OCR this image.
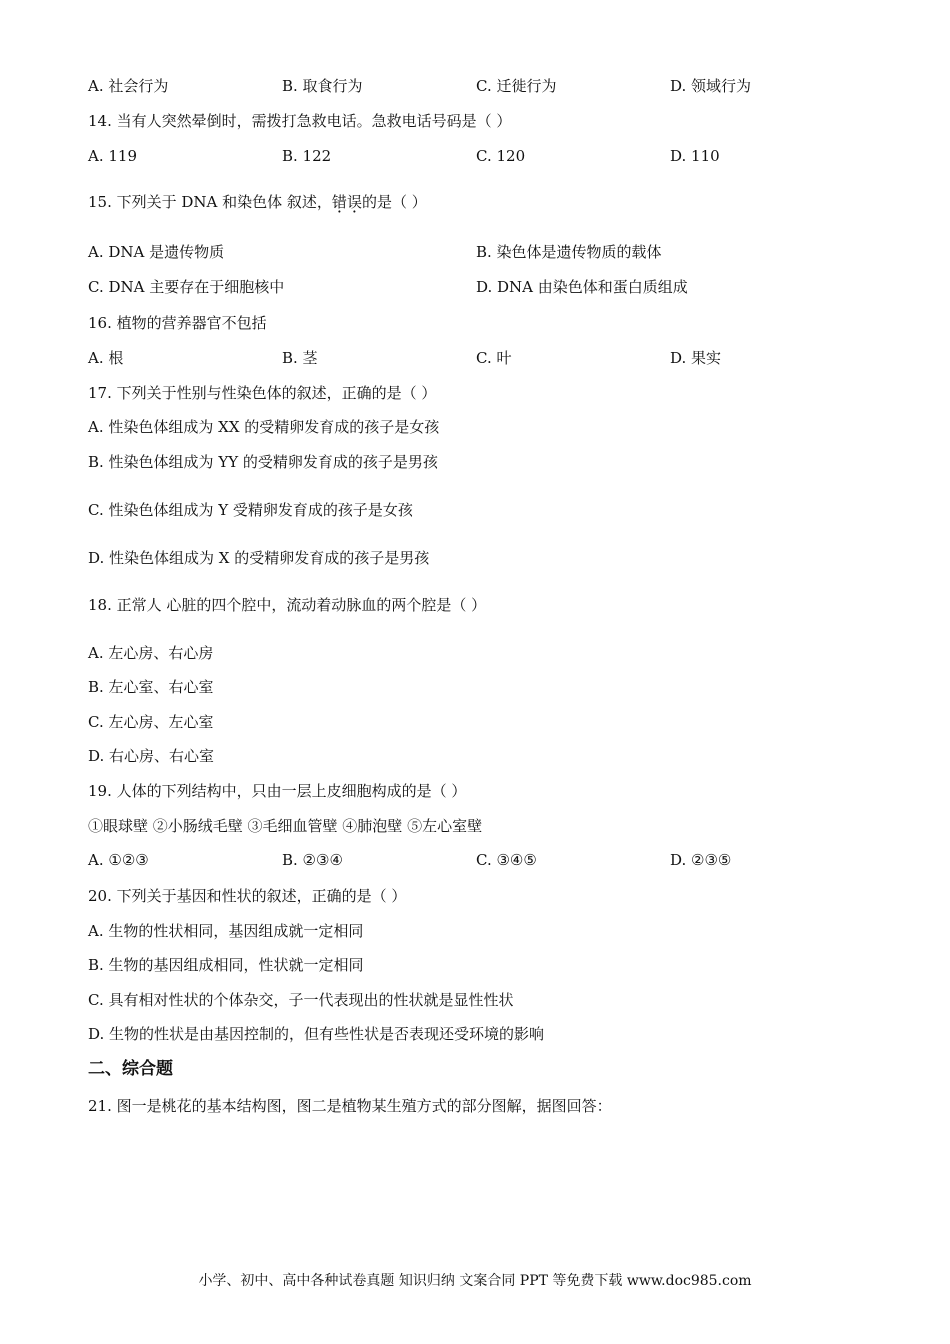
A. 社会行为	B. 取食行为	C. 迁徙行为	D. 领域行为
14. 当有人突然晕倒时，需拨打急救电话。急救电话号码是（ ）
A. 119	B. 122	C. 120	D. 110
15. 下列关于 DNA 和染色体 叙述，错误的是（ ）
A. DNA 是遗传物质	B. 染色体是遗传物质的载体
C. DNA 主要存在于细胞核中	D. DNA 由染色体和蛋白质组成
16. 植物的营养器官不包括
A. 根	B. 茎	C. 叶	D. 果实
17. 下列关于性别与性染色体的叙述，正确的是（ ）
A. 性染色体组成为 XX 的受精卵发育成的孩子是女孩
B. 性染色体组成为 YY 的受精卵发育成的孩子是男孩
C. 性染色体组成为 Y 受精卵发育成的孩子是女孩
D. 性染色体组成为 X 的受精卵发育成的孩子是男孩
18. 正常人 心脏的四个腔中，流动着动脉血的两个腔是（ ）
A. 左心房、右心房
B. 左心室、右心室
C. 左心房、左心室
D. 右心房、右心室
19. 人体的下列结构中，只由一层上皮细胞构成的是（ ）
①眼球壁 ②小肠绒毛壁 ③毛细血管壁 ④肺泡壁 ⑤左心室壁
A. ①②③	B. ②③④	C. ③④⑤	D. ②③⑤
20. 下列关于基因和性状的叙述，正确的是（ ）
A. 生物的性状相同，基因组成就一定相同
B. 生物的基因组成相同，性状就一定相同
C. 具有相对性状的个体杂交，子一代表现出的性状就是显性性状
D. 生物的性状是由基因控制的，但有些性状是否表现还受环境的影响
二、综合题
21. 图一是桃花的基本结构图，图二是植物某生殖方式的部分图解，据图回答：
小学、初中、高中各种试卷真题 知识归纳 文案合同 PPT 等免费下载 www.doc985.com
